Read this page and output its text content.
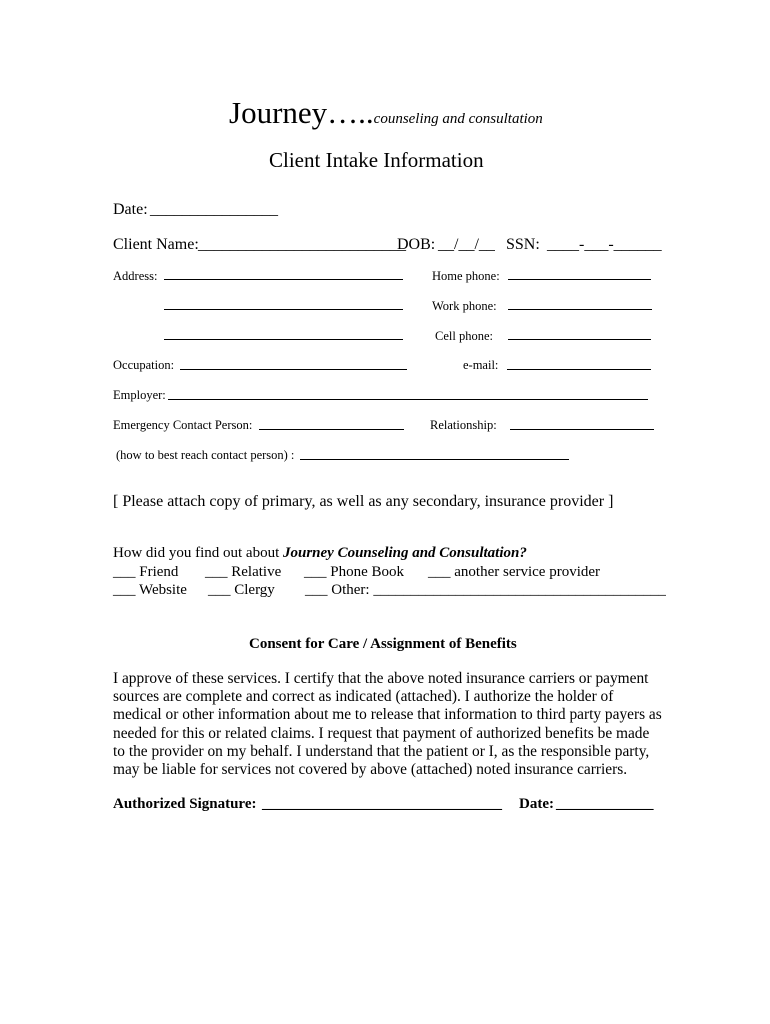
Journey…..counseling and consultation
Client Intake Information
Date: ________________
Client Name: __________________________
DOB: __/__/__ SSN: ____-___-______
Address:	Home phone:
Work phone:
Cell phone:
Occupation:	e-mail:
Employer:
Emergency Contact Person:	Relationship:
(how to best reach contact person) :
[ Please attach copy of primary, as well as any secondary, insurance provider ]
How did you find out about Journey Counseling and Consultation?
___ Friend ___ Relative ___ Phone Book ___ another service provider
___ Website ___ Clergy ___ Other: _______________________________________
Consent for Care / Assignment of Benefits
I approve of these services. I certify that the above noted insurance carriers or payment
sources are complete and correct as indicated (attached). I authorize the holder of
medical or other information about me to release that information to third party payers as
needed for this or related claims. I request that payment of authorized benefits be made
to the provider on my behalf. I understand that the patient or I, as the responsible party,
may be liable for services not covered by above (attached) noted insurance carriers.
Authorized Signature: ________________________________ Date: _____________
